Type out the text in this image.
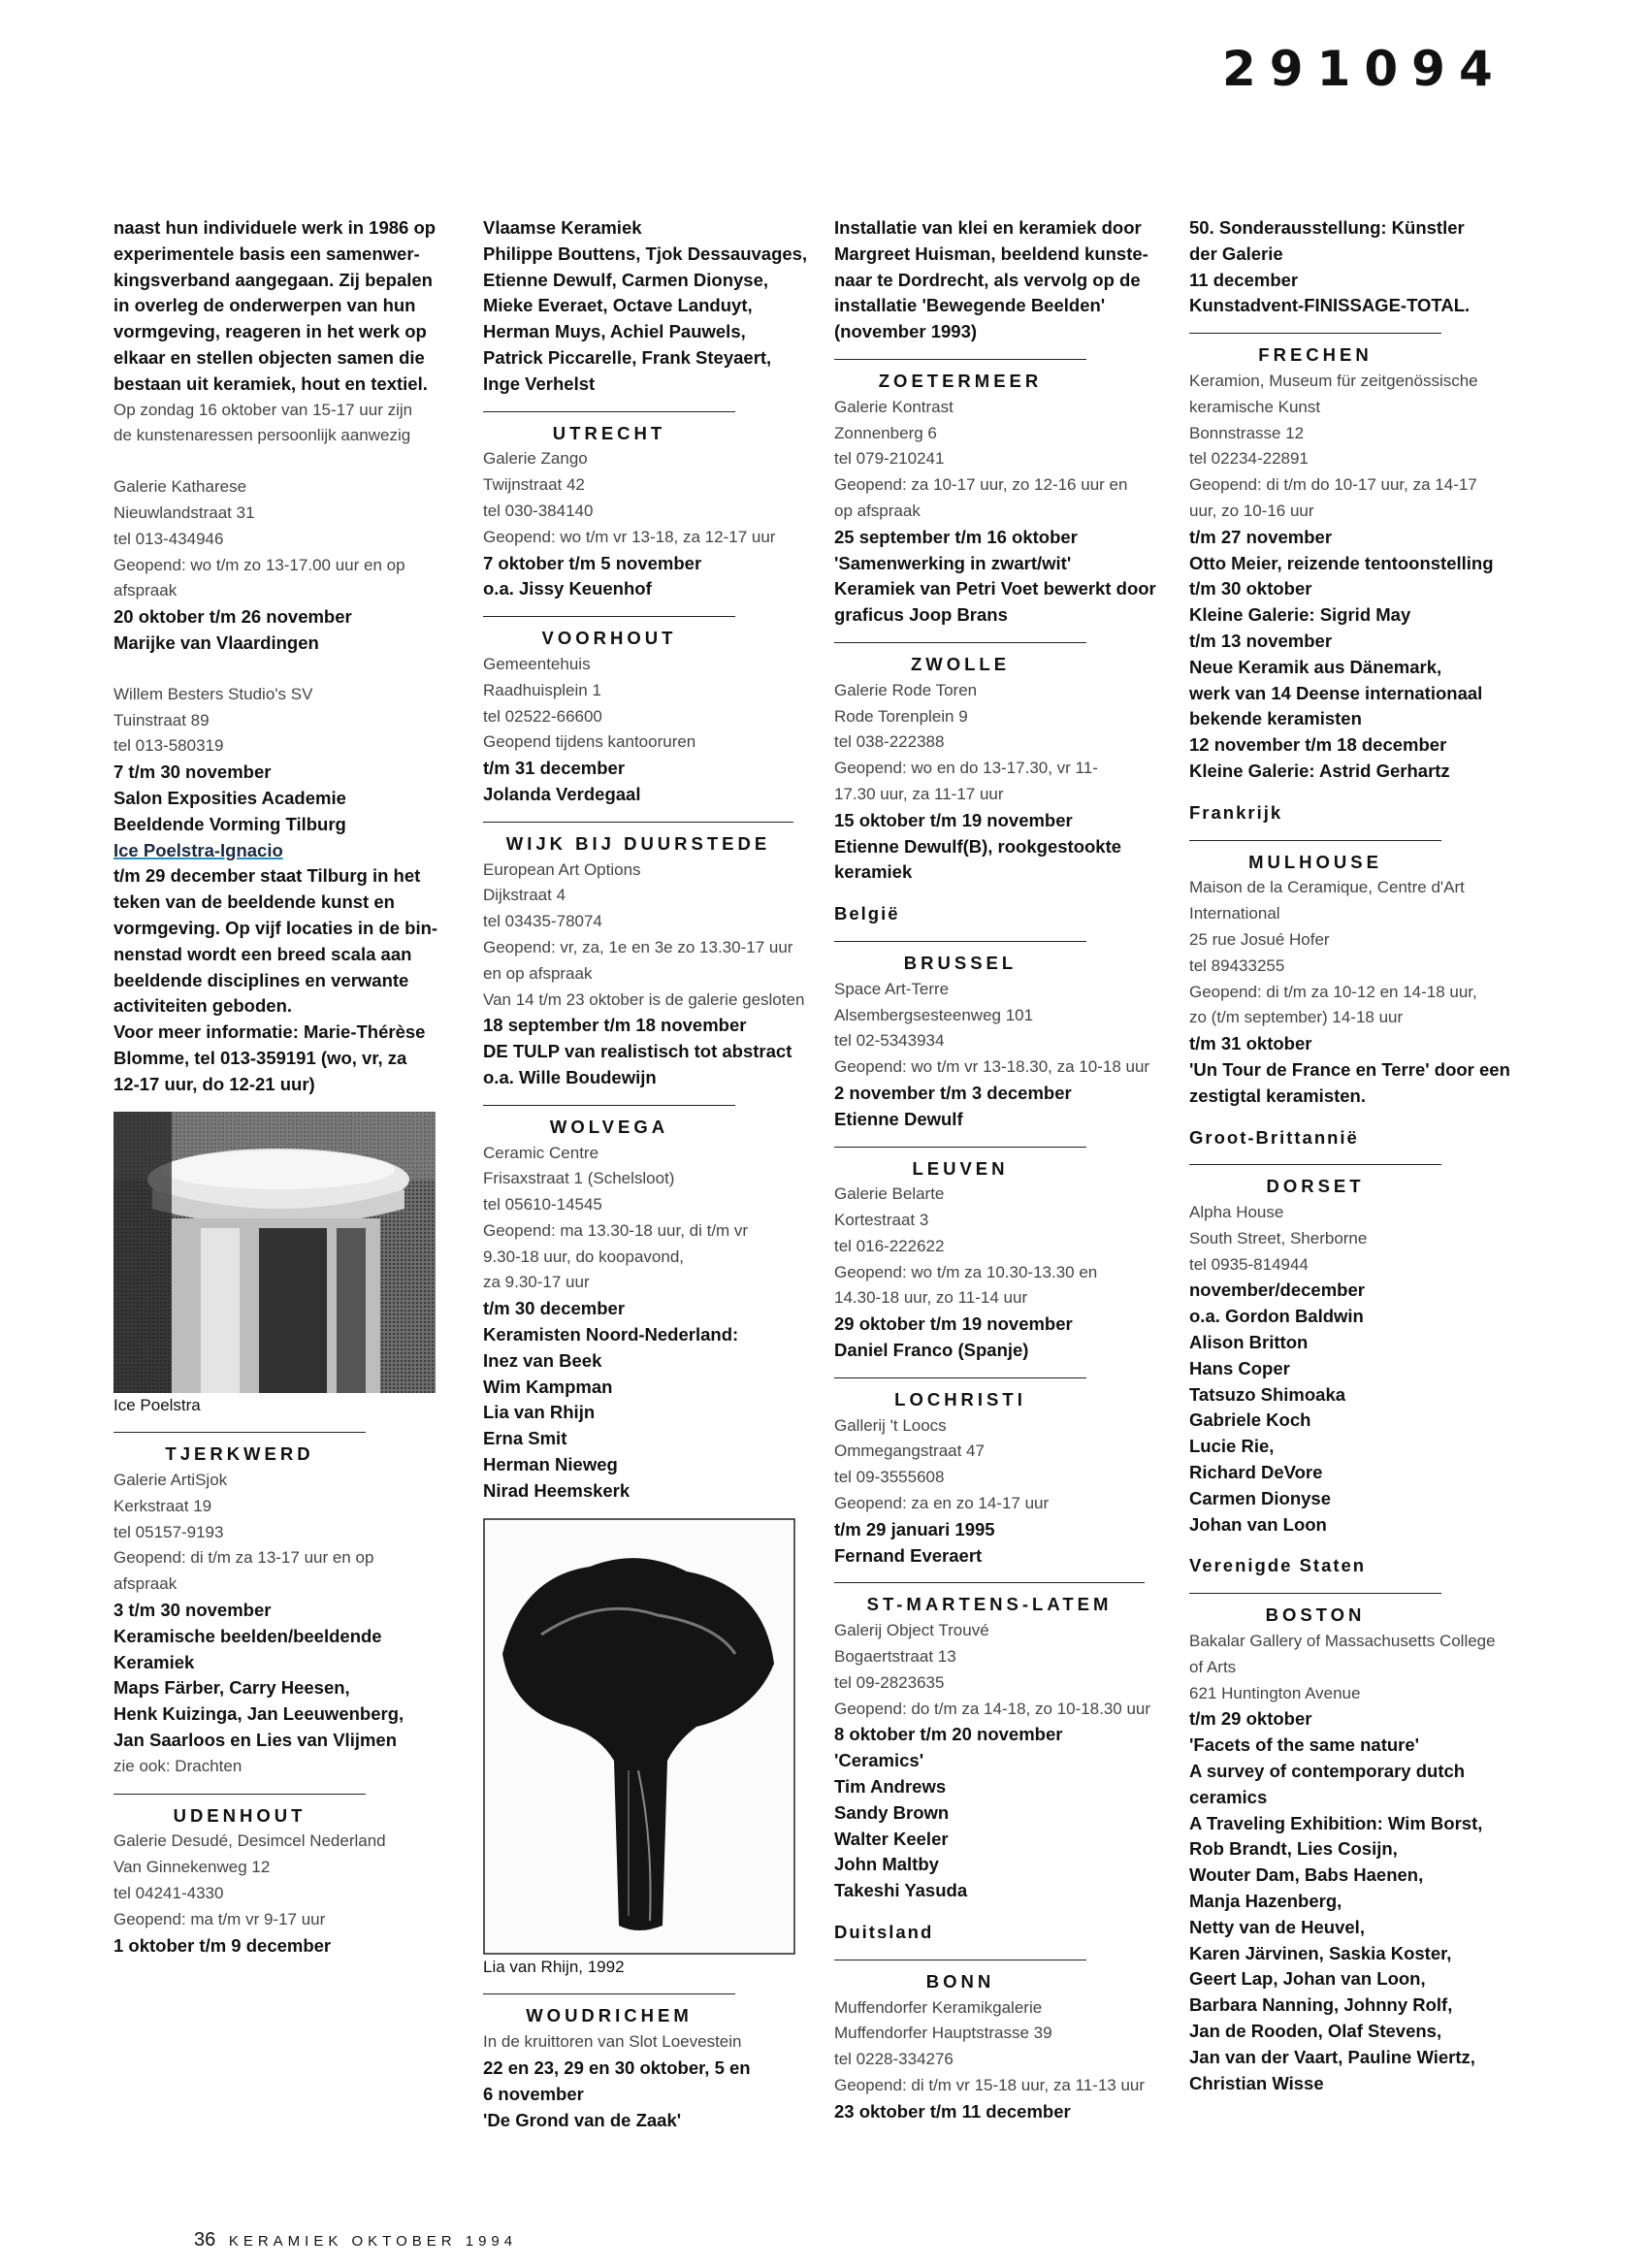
291094
naast hun individuele werk in 1986 op
experimentele basis een samenwer-
kingsverband aangegaan. Zij bepalen
in overleg de onderwerpen van hun
vormgeving, reageren in het werk op
elkaar en stellen objecten samen die
bestaan uit keramiek, hout en textiel.
Op zondag 16 oktober van 15-17 uur zijn
de kunstenaressen persoonlijk aanwezig
Galerie Katharese
Nieuwlandstraat 31
tel 013-434946
Geopend: wo t/m zo 13-17.00 uur en op
afspraak
20 oktober t/m 26 november
Marijke van Vlaardingen
Willem Besters Studio's SV
Tuinstraat 89
tel 013-580319
7 t/m 30 november
Salon Exposities Academie
Beeldende Vorming Tilburg
Ice Poelstra-Ignacio
t/m 29 december staat Tilburg in het
teken van de beeldende kunst en
vormgeving. Op vijf locaties in de bin-
nenstad wordt een breed scala aan
beeldende disciplines en verwante
activiteiten geboden.
Voor meer informatie: Marie-Thérèse
Blomme, tel 013-359191 (wo, vr, za
12-17 uur, do 12-21 uur)
Ice Poelstra
TJERKWERD
Galerie ArtiSjok
Kerkstraat 19
tel 05157-9193
Geopend: di t/m za 13-17 uur en op
afspraak
3 t/m 30 november
Keramische beelden/beeldende
Keramiek
Maps Färber, Carry Heesen,
Henk Kuizinga, Jan Leeuwenberg,
Jan Saarloos en Lies van Vlijmen
zie ook: Drachten
UDENHOUT
Galerie Desudé, Desimcel Nederland
Van Ginnekenweg 12
tel 04241-4330
Geopend: ma t/m vr 9-17 uur
1 oktober t/m 9 december
Vlaamse Keramiek
Philippe Bouttens, Tjok Dessauvages,
Etienne Dewulf, Carmen Dionyse,
Mieke Everaet, Octave Landuyt,
Herman Muys, Achiel Pauwels,
Patrick Piccarelle, Frank Steyaert,
Inge Verhelst
UTRECHT
Galerie Zango
Twijnstraat 42
tel 030-384140
Geopend: wo t/m vr 13-18, za 12-17 uur
7 oktober t/m 5 november
o.a. Jissy Keuenhof
VOORHOUT
Gemeentehuis
Raadhuisplein 1
tel 02522-66600
Geopend tijdens kantooruren
t/m 31 december
Jolanda Verdegaal
WIJK BIJ DUURSTEDE
European Art Options
Dijkstraat 4
tel 03435-78074
Geopend: vr, za, 1e en 3e zo 13.30-17 uur
en op afspraak
Van 14 t/m 23 oktober is de galerie gesloten
18 september t/m 18 november
DE TULP van realistisch tot abstract
o.a. Wille Boudewijn
WOLVEGA
Ceramic Centre
Frisaxstraat 1 (Schelsloot)
tel 05610-14545
Geopend: ma 13.30-18 uur, di t/m vr
9.30-18 uur, do koopavond,
za 9.30-17 uur
t/m 30 december
Keramisten Noord-Nederland:
Inez van Beek
Wim Kampman
Lia van Rhijn
Erna Smit
Herman Nieweg
Nirad Heemskerk
Lia van Rhijn, 1992
WOUDRICHEM
In de kruittoren van Slot Loevestein
22 en 23, 29 en 30 oktober, 5 en
6 november
'De Grond van de Zaak'
Installatie van klei en keramiek door
Margreet Huisman, beeldend kunste-
naar te Dordrecht, als vervolg op de
installatie 'Bewegende Beelden'
(november 1993)
ZOETERMEER
Galerie Kontrast
Zonnenberg 6
tel 079-210241
Geopend: za 10-17 uur, zo 12-16 uur en
op afspraak
25 september t/m 16 oktober
'Samenwerking in zwart/wit'
Keramiek van Petri Voet bewerkt door
graficus Joop Brans
ZWOLLE
Galerie Rode Toren
Rode Torenplein 9
tel 038-222388
Geopend: wo en do 13-17.30, vr 11-
17.30 uur, za 11-17 uur
15 oktober t/m 19 november
Etienne Dewulf(B), rookgestookte
keramiek
België
BRUSSEL
Space Art-Terre
Alsembergsesteenweg 101
tel 02-5343934
Geopend: wo t/m vr 13-18.30, za 10-18 uur
2 november t/m 3 december
Etienne Dewulf
LEUVEN
Galerie Belarte
Kortestraat 3
tel 016-222622
Geopend: wo t/m za 10.30-13.30 en
14.30-18 uur, zo 11-14 uur
29 oktober t/m 19 november
Daniel Franco (Spanje)
LOCHRISTI
Gallerij 't Loocs
Ommegangstraat 47
tel 09-3555608
Geopend: za en zo 14-17 uur
t/m 29 januari 1995
Fernand Everaert
ST-MARTENS-LATEM
Galerij Object Trouvé
Bogaertstraat 13
tel 09-2823635
Geopend: do t/m za 14-18, zo 10-18.30 uur
8 oktober t/m 20 november
'Ceramics'
Tim Andrews
Sandy Brown
Walter Keeler
John Maltby
Takeshi Yasuda
Duitsland
BONN
Muffendorfer Keramikgalerie
Muffendorfer Hauptstrasse 39
tel 0228-334276
Geopend: di t/m vr 15-18 uur, za 11-13 uur
23 oktober t/m 11 december
50. Sonderausstellung: Künstler
der Galerie
11 december
Kunstadvent-FINISSAGE-TOTAL.
FRECHEN
Keramion, Museum für zeitgenössische
keramische Kunst
Bonnstrasse 12
tel 02234-22891
Geopend: di t/m do 10-17 uur, za 14-17
uur, zo 10-16 uur
t/m 27 november
Otto Meier, reizende tentoonstelling
t/m 30 oktober
Kleine Galerie: Sigrid May
t/m 13 november
Neue Keramik aus Dänemark,
werk van 14 Deense internationaal
bekende keramisten
12 november t/m 18 december
Kleine Galerie: Astrid Gerhartz
Frankrijk
MULHOUSE
Maison de la Ceramique, Centre d'Art
International
25 rue Josué Hofer
tel 89433255
Geopend: di t/m za 10-12 en 14-18 uur,
zo (t/m september) 14-18 uur
t/m 31 oktober
'Un Tour de France en Terre' door een
zestigtal keramisten.
Groot-Brittannië
DORSET
Alpha House
South Street, Sherborne
tel 0935-814944
november/december
o.a. Gordon Baldwin
Alison Britton
Hans Coper
Tatsuzo Shimoaka
Gabriele Koch
Lucie Rie,
Richard DeVore
Carmen Dionyse
Johan van Loon
Verenigde Staten
BOSTON
Bakalar Gallery of Massachusetts College
of Arts
621 Huntington Avenue
t/m 29 oktober
'Facets of the same nature'
A survey of contemporary dutch
ceramics
A Traveling Exhibition: Wim Borst,
Rob Brandt, Lies Cosijn,
Wouter Dam, Babs Haenen,
Manja Hazenberg,
Netty van de Heuvel,
Karen Järvinen, Saskia Koster,
Geert Lap, Johan van Loon,
Barbara Nanning, Johnny Rolf,
Jan de Rooden, Olaf Stevens,
Jan van der Vaart, Pauline Wiertz,
Christian Wisse
36 KERAMIEK OKTOBER 1994
